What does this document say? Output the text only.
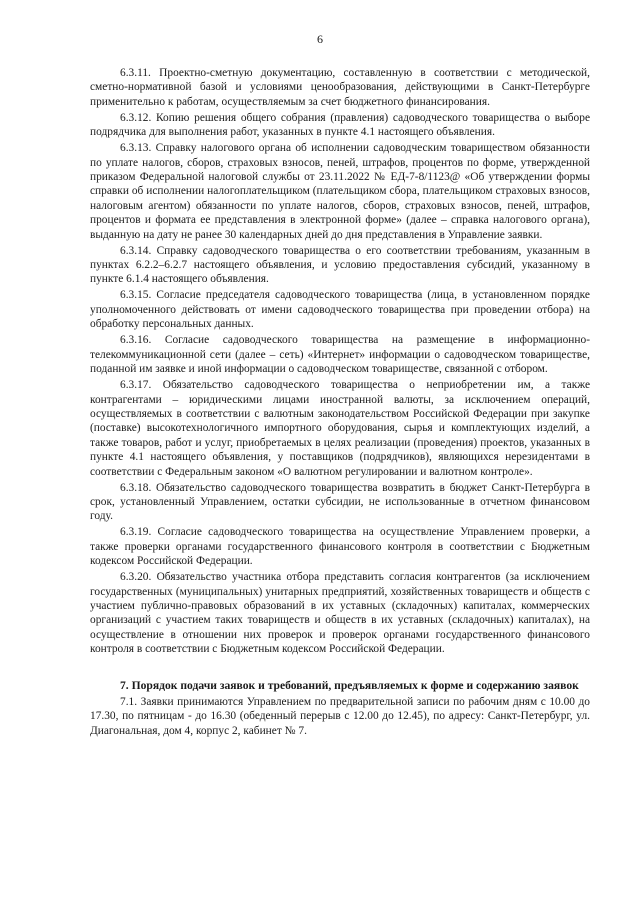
6

6.3.11. Проектно-сметную документацию, составленную в соответствии с методической, сметно-нормативной базой и условиями ценообразования, действующими в Санкт-Петербурге применительно к работам, осуществляемым за счет бюджетного финансирования.

6.3.12. Копию решения общего собрания (правления) садоводческого товарищества о выборе подрядчика для выполнения работ, указанных в пункте 4.1 настоящего объявления.

6.3.13. Справку налогового органа об исполнении садоводческим товариществом обязанности по уплате налогов, сборов, страховых взносов, пеней, штрафов, процентов по форме, утвержденной приказом Федеральной налоговой службы от 23.11.2022 № ЕД-7-8/1123@ «Об утверждении формы справки об исполнении налогоплательщиком (плательщиком сбора, плательщиком страховых взносов, налоговым агентом) обязанности по уплате налогов, сборов, страховых взносов, пеней, штрафов, процентов и формата ее представления в электронной форме» (далее – справка налогового органа), выданную на дату не ранее 30 календарных дней до дня представления в Управление заявки.

6.3.14. Справку садоводческого товарищества о его соответствии требованиям, указанным в пунктах 6.2.2–6.2.7 настоящего объявления, и условию предоставления субсидий, указанному в пункте 6.1.4 настоящего объявления.

6.3.15. Согласие председателя садоводческого товарищества (лица, в установленном порядке уполномоченного действовать от имени садоводческого товарищества при проведении отбора) на обработку персональных данных.

6.3.16. Согласие садоводческого товарищества на размещение в информационно-телекоммуникационной сети (далее – сеть) «Интернет» информации о садоводческом товариществе, поданной им заявке и иной информации о садоводческом товариществе, связанной с отбором.

6.3.17. Обязательство садоводческого товарищества о неприобретении им, а также контрагентами – юридическими лицами иностранной валюты, за исключением операций, осуществляемых в соответствии с валютным законодательством Российской Федерации при закупке (поставке) высокотехнологичного импортного оборудования, сырья и комплектующих изделий, а также товаров, работ и услуг, приобретаемых в целях реализации (проведения) проектов, указанных в пункте 4.1 настоящего объявления, у поставщиков (подрядчиков), являющихся нерезидентами в соответствии с Федеральным законом «О валютном регулировании и валютном контроле».

6.3.18. Обязательство садоводческого товарищества возвратить в бюджет Санкт-Петербурга в срок, установленный Управлением, остатки субсидии, не использованные в отчетном финансовом году.

6.3.19. Согласие садоводческого товарищества на осуществление Управлением проверки, а также проверки органами государственного финансового контроля в соответствии с Бюджетным кодексом Российской Федерации.

6.3.20. Обязательство участника отбора представить согласия контрагентов (за исключением государственных (муниципальных) унитарных предприятий, хозяйственных товариществ и обществ с участием публично-правовых образований в их уставных (складочных) капиталах, коммерческих организаций с участием таких товариществ и обществ в их уставных (складочных) капиталах), на осуществление в отношении них проверок и проверок органами государственного финансового контроля в соответствии с Бюджетным кодексом Российской Федерации.

7. Порядок подачи заявок и требований, предъявляемых к форме и содержанию заявок

7.1. Заявки принимаются Управлением по предварительной записи по рабочим дням с 10.00 до 17.30, по пятницам - до 16.30 (обеденный перерыв с 12.00 до 12.45), по адресу: Санкт-Петербург, ул. Диагональная, дом 4, корпус 2, кабинет № 7.
